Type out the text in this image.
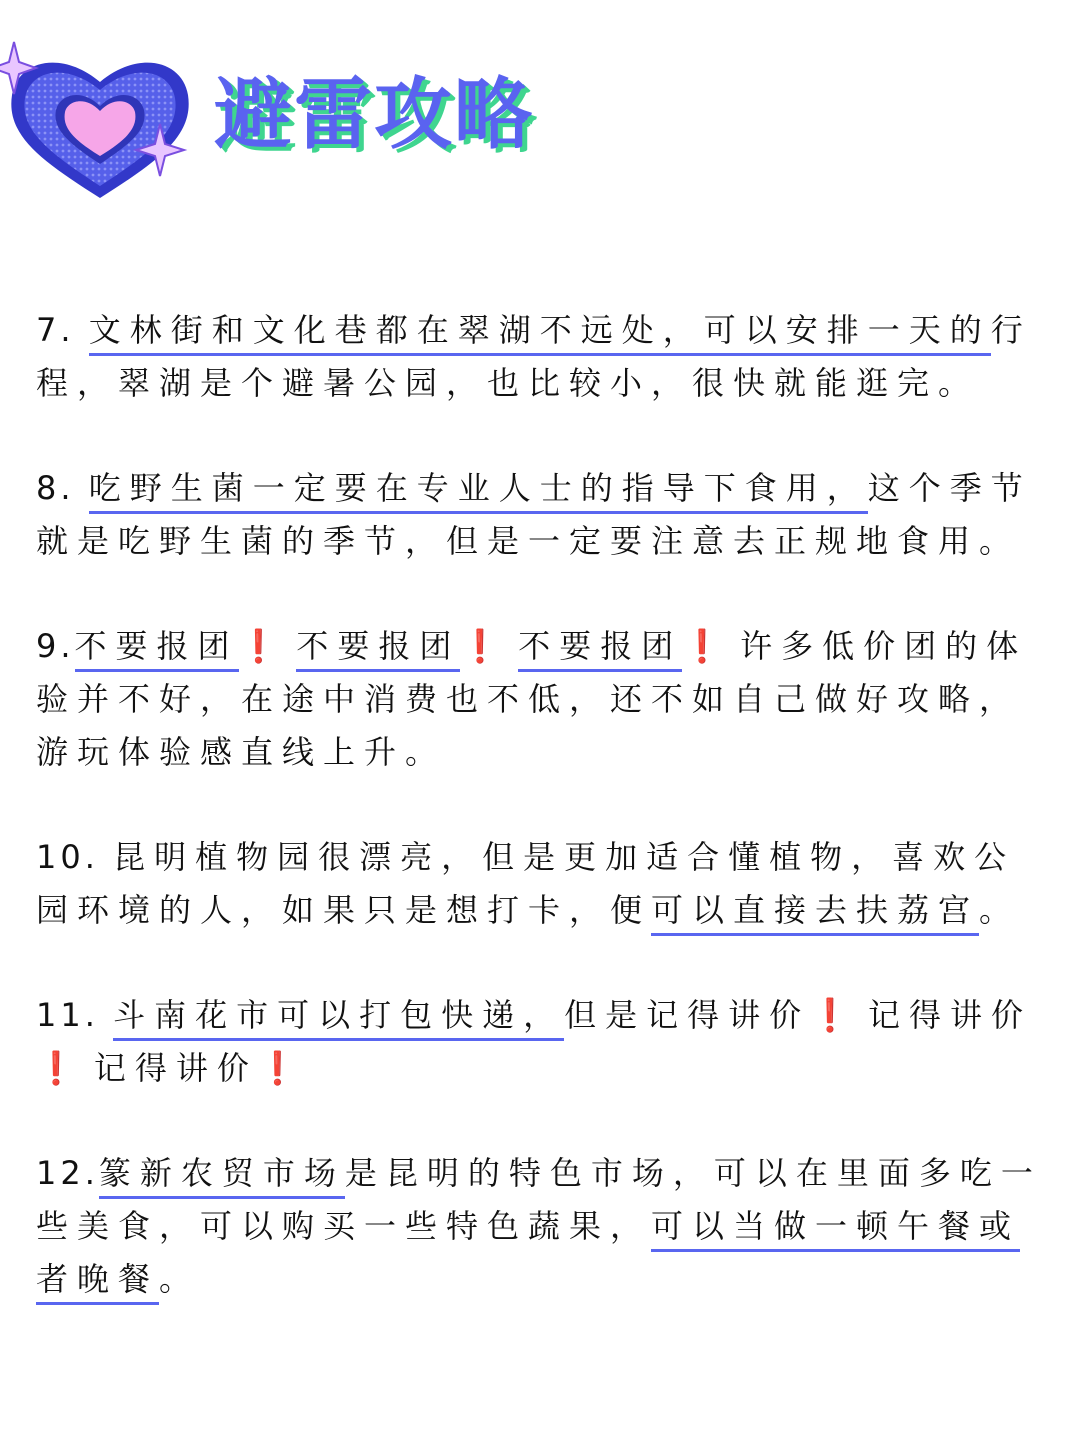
避雷攻略

7. 文林街和文化巷都在翠湖不远处，可以安排一天的行程，翠湖是个避暑公园，也比较小，很快就能逛完。

8. 吃野生菌一定要在专业人士的指导下食用，这个季节就是吃野生菌的季节，但是一定要注意去正规地食用。

9.不要报团❗不要报团❗不要报团❗许多低价团的体验并不好，在途中消费也不低，还不如自己做好攻略，游玩体验感直线上升。

10. 昆明植物园很漂亮，但是更加适合懂植物，喜欢公园环境的人，如果只是想打卡，便可以直接去扶荔宫。

11. 斗南花市可以打包快递，但是记得讲价❗记得讲价❗记得讲价❗

12.篆新农贸市场是昆明的特色市场，可以在里面多吃一些美食，可以购买一些特色蔬果，可以当做一顿午餐或者晚餐。
